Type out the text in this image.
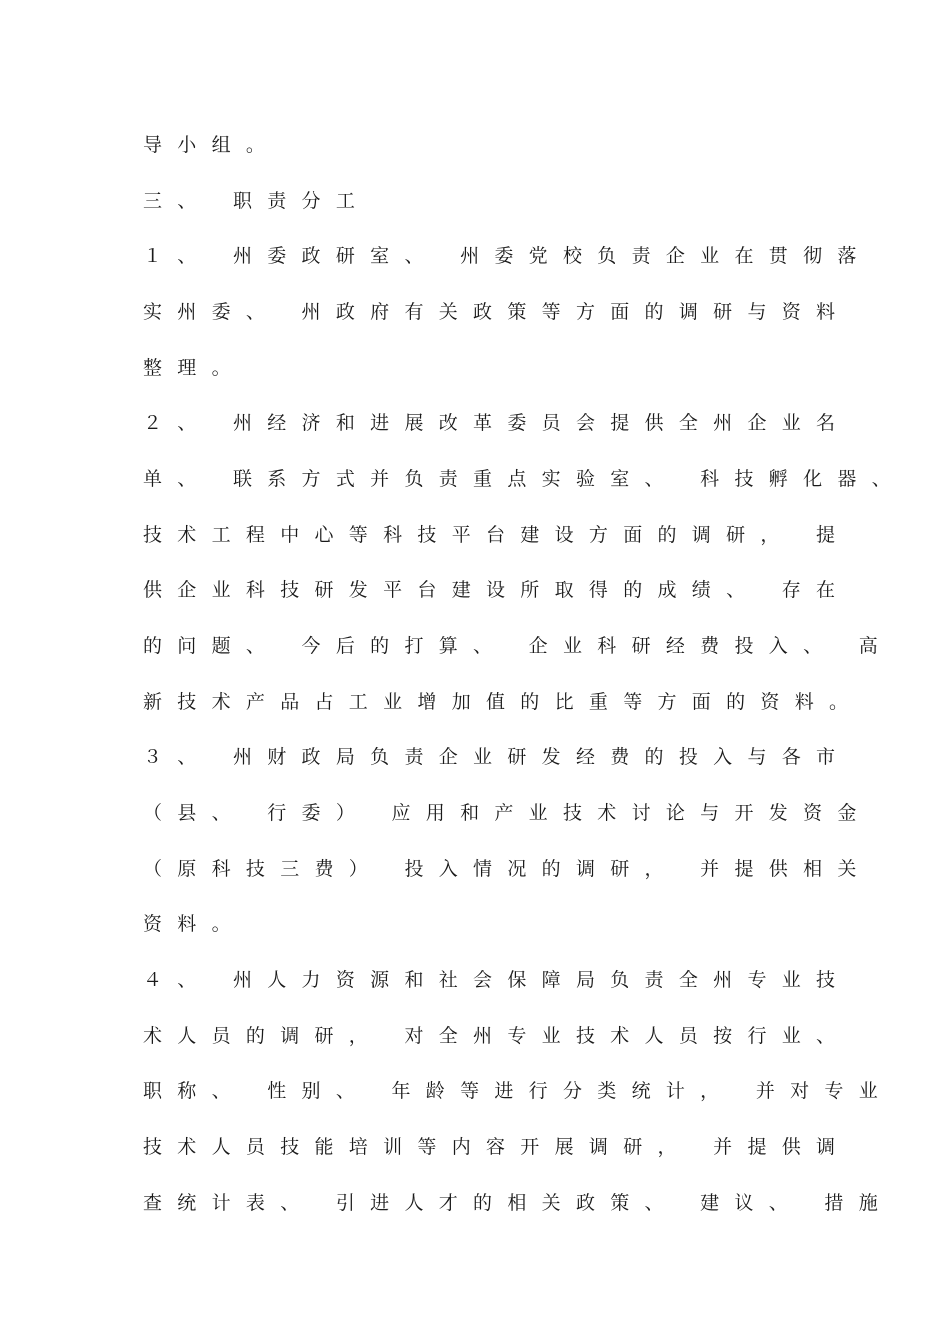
导小组。

三、 职责分工

１、 州委政研室、 州委党校负责企业在贯彻落

实州委、 州政府有关政策等方面的调研与资料

整理。

２、 州经济和进展改革委员会提供全州企业名

单、 联系方式并负责重点实验室、 科技孵化器、

技术工程中心等科技平台建设方面的调研， 提

供企业科技研发平台建设所取得的成绩、 存在

的问题、 今后的打算、 企业科研经费投入、 高

新技术产品占工业增加值的比重等方面的资料。

３、 州财政局负责企业研发经费的投入与各市

（县、 行委） 应用和产业技术讨论与开发资金

（原科技三费） 投入情况的调研， 并提供相关

资料。

４、 州人力资源和社会保障局负责全州专业技

术人员的调研， 对全州专业技术人员按行业、

职称、 性别、 年龄等进行分类统计， 并对专业

技术人员技能培训等内容开展调研， 并提供调

查统计表、 引进人才的相关政策、 建议、 措施
